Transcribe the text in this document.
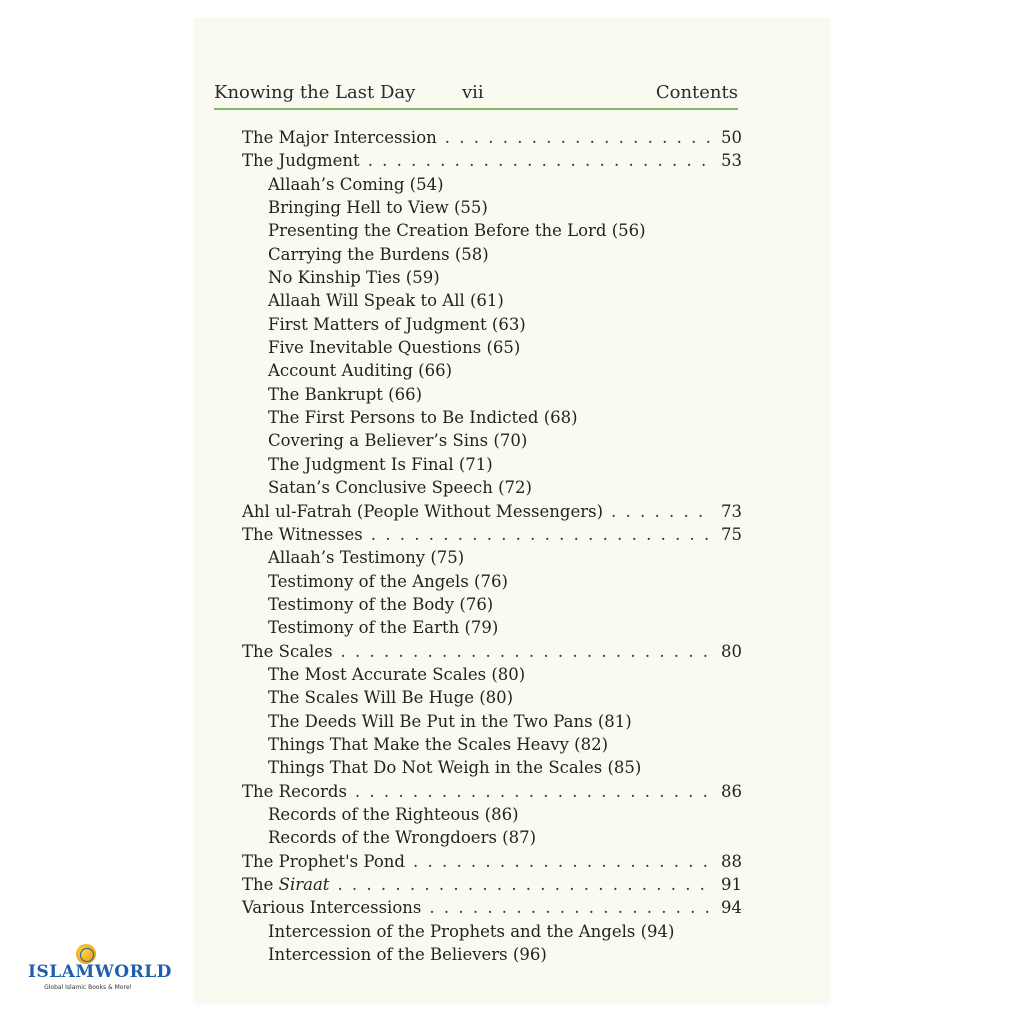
Knowing the Last Day	vii	Contents
The Major Intercession . . .	50
The Judgment . . .	53
Allaah’s Coming (54)
Bringing Hell to View (55)
Presenting the Creation Before the Lord (56)
Carrying the Burdens (58)
No Kinship Ties (59)
Allaah Will Speak to All (61)
First Matters of Judgment (63)
Five Inevitable Questions (65)
Account Auditing (66)
The Bankrupt (66)
The First Persons to Be Indicted (68)
Covering a Believer’s Sins (70)
The Judgment Is Final (71)
Satan’s Conclusive Speech (72)
Ahl ul-Fatrah (People Without Messengers) . . .	73
The Witnesses . . .	75
Allaah’s Testimony (75)
Testimony of the Angels (76)
Testimony of the Body (76)
Testimony of the Earth (79)
The Scales . . .	80
The Most Accurate Scales (80)
The Scales Will Be Huge (80)
The Deeds Will Be Put in the Two Pans (81)
Things That Make the Scales Heavy (82)
Things That Do Not Weigh in the Scales (85)
The Records . . .	86
Records of the Righteous (86)
Records of the Wrongdoers (87)
The Prophet's Pond . . .	88
The Siraat . . .	91
Various Intercessions . . .	94
Intercession of the Prophets and the Angels (94)
Intercession of the Believers (96)
ISLAMWORLD
Global Islamic Books & More!
